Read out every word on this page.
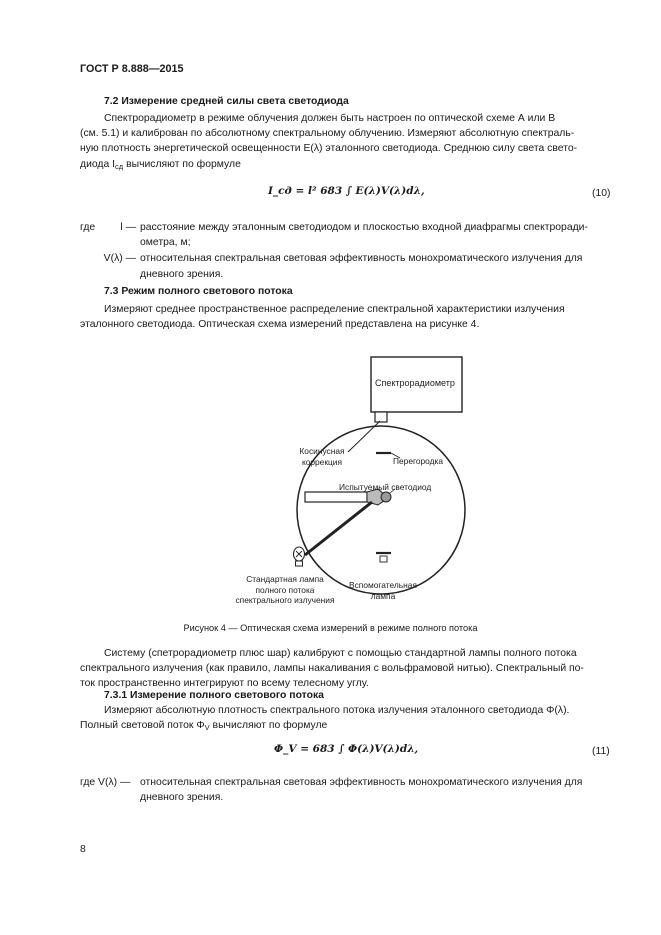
ГОСТ Р 8.888—2015
7.2 Измерение средней силы света светодиода
Спектрорадиометр в режиме облучения должен быть настроен по оптической схеме А или В
(см. 5.1) и калиброван по абсолютному спектральному облучению. Измеряют абсолютную спектраль-
ную плотность энергетической освещенности E(λ) эталонного светодиода. Среднюю силу света свето-
диода $I_{сд}$ вычисляют по формуле
I_сд = l² 683 ∫ E(λ)V(λ)dλ,	(10)
где	l — расстояние между эталонным светодиодом и плоскостью входной диафрагмы спектроради-
ометра, м;
V(λ) — относительная спектральная световая эффективность монохроматического излучения для
дневного зрения.
7.3 Режим полного светового потока
Измеряют среднее пространственное распределение спектральной характеристики излучения
эталонного светодиода. Оптическая схема измерений представлена на рисунке 4.
Спектрорадиометр
Косинусная
коррекция	Перегородка
Испытуемый светодиод
Стандартная лампа
полного потока
спектрального излучения
Вспомогательная
лампа
Рисунок 4 — Оптическая схема измерений в режиме полного потока
Систему (спетрорадиометр плюс шар) калибруют с помощью стандартной лампы полного потока
спектрального излучения (как правило, лампы накаливания с вольфрамовой нитью). Спектральный по-
ток пространственно интегрируют по всему телесному углу.
7.3.1 Измерение полного светового потока
Измеряют абсолютную плотность спектрального потока излучения эталонного светодиода Φ(λ).
Полный световой поток $\Phi_V$ вычисляют по формуле
Φ_V = 683 ∫ Φ(λ)V(λ)dλ,	(11)
где V(λ) — относительная спектральная световая эффективность монохроматического излучения для
дневного зрения.
8
